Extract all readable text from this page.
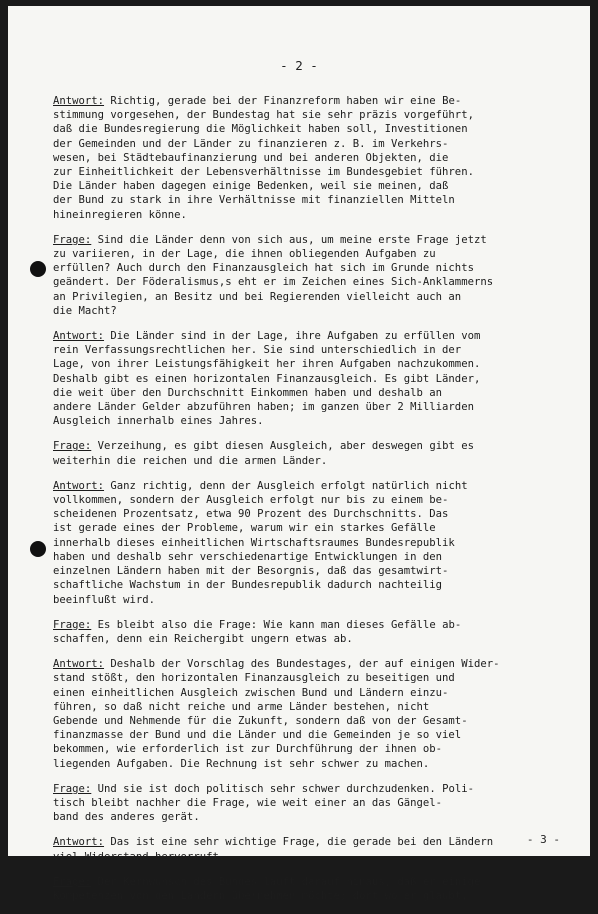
- 2 -
Antwort: Richtig, gerade bei der Finanzreform haben wir eine Be-
stimmung vorgesehen, der Bundestag hat sie sehr präzis vorgeführt,
daß die Bundesregierung die Möglichkeit haben soll, Investitionen
der Gemeinden und der Länder zu finanzieren z. B. im Verkehrs-
wesen, bei Städtebaufinanzierung und bei anderen Objekten, die
zur Einheitlichkeit der Lebensverhältnisse im Bundesgebiet führen.
Die Länder haben dagegen einige Bedenken, weil sie meinen, daß
der Bund zu stark in ihre Verhältnisse mit finanziellen Mitteln
hineinregieren könne.
Frage: Sind die Länder denn von sich aus, um meine erste Frage jetzt
zu variieren, in der Lage, die ihnen obliegenden Aufgaben zu
erfüllen? Auch durch den Finanzausgleich hat sich im Grunde nichts
geändert. Der Föderalismus,s eht er im Zeichen eines Sich-Anklammerns
an Privilegien, an Besitz und bei Regierenden vielleicht auch an
die Macht?
Antwort: Die Länder sind in der Lage, ihre Aufgaben zu erfüllen vom
rein Verfassungsrechtlichen her. Sie sind unterschiedlich in der
Lage, von ihrer Leistungsfähigkeit her ihren Aufgaben nachzukommen.
Deshalb gibt es einen horizontalen Finanzausgleich. Es gibt Länder,
die weit über den Durchschnitt Einkommen haben und deshalb an
andere Länder Gelder abzuführen haben; im ganzen über 2 Milliarden
Ausgleich innerhalb eines Jahres.
Frage: Verzeihung, es gibt diesen Ausgleich, aber deswegen gibt es
weiterhin die reichen und die armen Länder.
Antwort: Ganz richtig, denn der Ausgleich erfolgt natürlich nicht
vollkommen, sondern der Ausgleich erfolgt nur bis zu einem be-
scheidenen Prozentsatz, etwa 90 Prozent des Durchschnitts. Das
ist gerade eines der Probleme, warum wir ein starkes Gefälle
innerhalb dieses einheitlichen Wirtschaftsraumes Bundesrepublik
haben und deshalb sehr verschiedenartige Entwicklungen in den
einzelnen Ländern haben mit der Besorgnis, daß das gesamtwirt-
schaftliche Wachstum in der Bundesrepublik dadurch nachteilig
beeinflußt wird.
Frage: Es bleibt also die Frage: Wie kann man dieses Gefälle ab-
schaffen, denn ein Reichergibt ungern etwas ab.
Antwort: Deshalb der Vorschlag des Bundestages, der auf einigen Wider-
stand stößt, den horizontalen Finanzausgleich zu beseitigen und
einen einheitlichen Ausgleich zwischen Bund und Ländern einzu-
führen, so daß nicht reiche und arme Länder bestehen, nicht
Gebende und Nehmende für die Zukunft, sondern daß von der Gesamt-
finanzmasse der Bund und die Länder und die Gemeinden je so viel
bekommen, wie erforderlich ist zur Durchführung der ihnen ob-
liegenden Aufgaben. Die Rechnung ist sehr schwer zu machen.
Frage: Und sie ist doch politisch sehr schwer durchzudenken. Poli-
tisch bleibt nachher die Frage, wie weit einer an das Gängel-
band des anderes gerät.
Antwort: Das ist eine sehr wichtige Frage, die gerade bei den Ländern
viel Widerstand hervorruft.
Frage: Der Kernwunsch des Bundes läuft darauf hinaus, daß er einige
Kompetenzen von den Ländern übernehmen möchte; dort wo er glaubt,
- 3 -
